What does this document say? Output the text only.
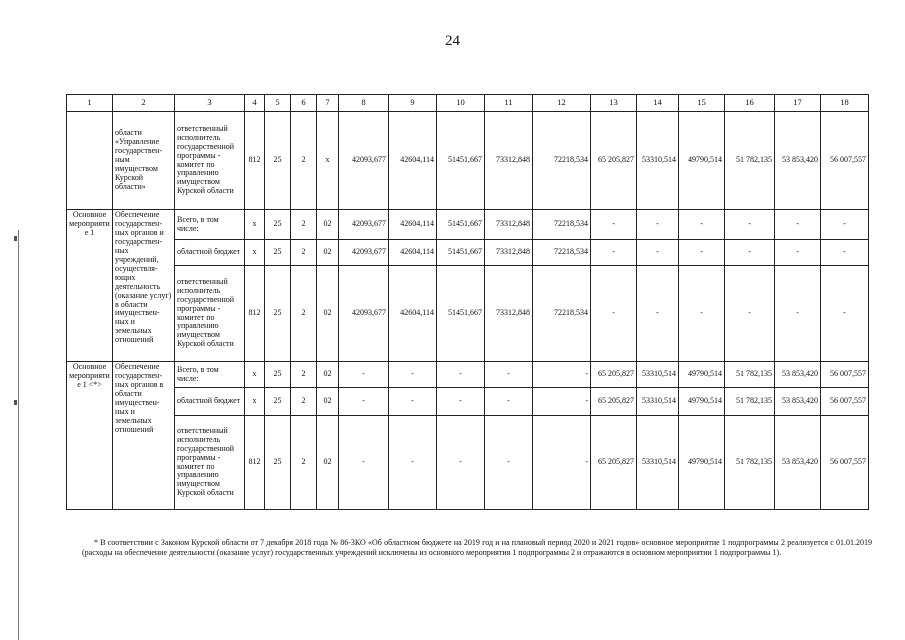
24
1	2	3	4	5	6	7	8	9	10	11	12	13	14	15	16	17	18
	области «Управление государствен-ным имуществом Курской области»	ответственный исполнитель государственной программы - комитет по управлению имуществом Курской области	812	25	2	х	42093,677	42604,114	51451,667	73312,848	72218,534	65 205,827	53310,514	49790,514	51 782,135	53 853,420	56 007,557
Основное мероприятие 1	Обеспечение государствен-ных органов и государствен-ных учреждений, осуществля-ющих деятельность (оказание услуг) в области имуществен-ных и земельных отношений	Всего, в том числе:	х	25	2	02	42093,677	42604,114	51451,667	73312,848	72218,534	-	-	-	-	-	-
		областной бюджет	х	25	2	02	42093,677	42604,114	51451,667	73312,848	72218,534	-	-	-	-	-	-
		ответственный исполнитель государственной программы - комитет по управлению имуществом Курской области	812	25	2	02	42093,677	42604,114	51451,667	73312,848	72218,534	-	-	-	-	-	-
Основное мероприятие 1 <*>	Обеспечение государствен-ных органов в области имуществен-ных и земельных отношений	Всего, в том числе:	х	25	2	02	-	-	-	-	-	65 205,827	53310,514	49790,514	51 782,135	53 853,420	56 007,557
		областной бюджет	х	25	2	02	-	-	-	-	-	65 205,827	53310,514	49790,514	51 782,135	53 853,420	56 007,557
		ответственный исполнитель государственной программы - комитет по управлению имуществом Курской области	812	25	2	02	-	-	-	-	-	65 205,827	53310,514	49790,514	51 782,135	53 853,420	56 007,557
* В соответствии с Законом Курской области от 7 декабря 2018 года № 86-ЗКО «Об областном бюджете на 2019 год и на плановый период 2020 и 2021 годов» основное мероприятие 1 подпрограммы 2 реализуется с 01.01.2019 (расходы на обеспечение деятельности (оказание услуг) государственных учреждений исключены из основного мероприятия 1 подпрограммы 2 и отражаются в основном мероприятии 1 подпрограммы 1).
